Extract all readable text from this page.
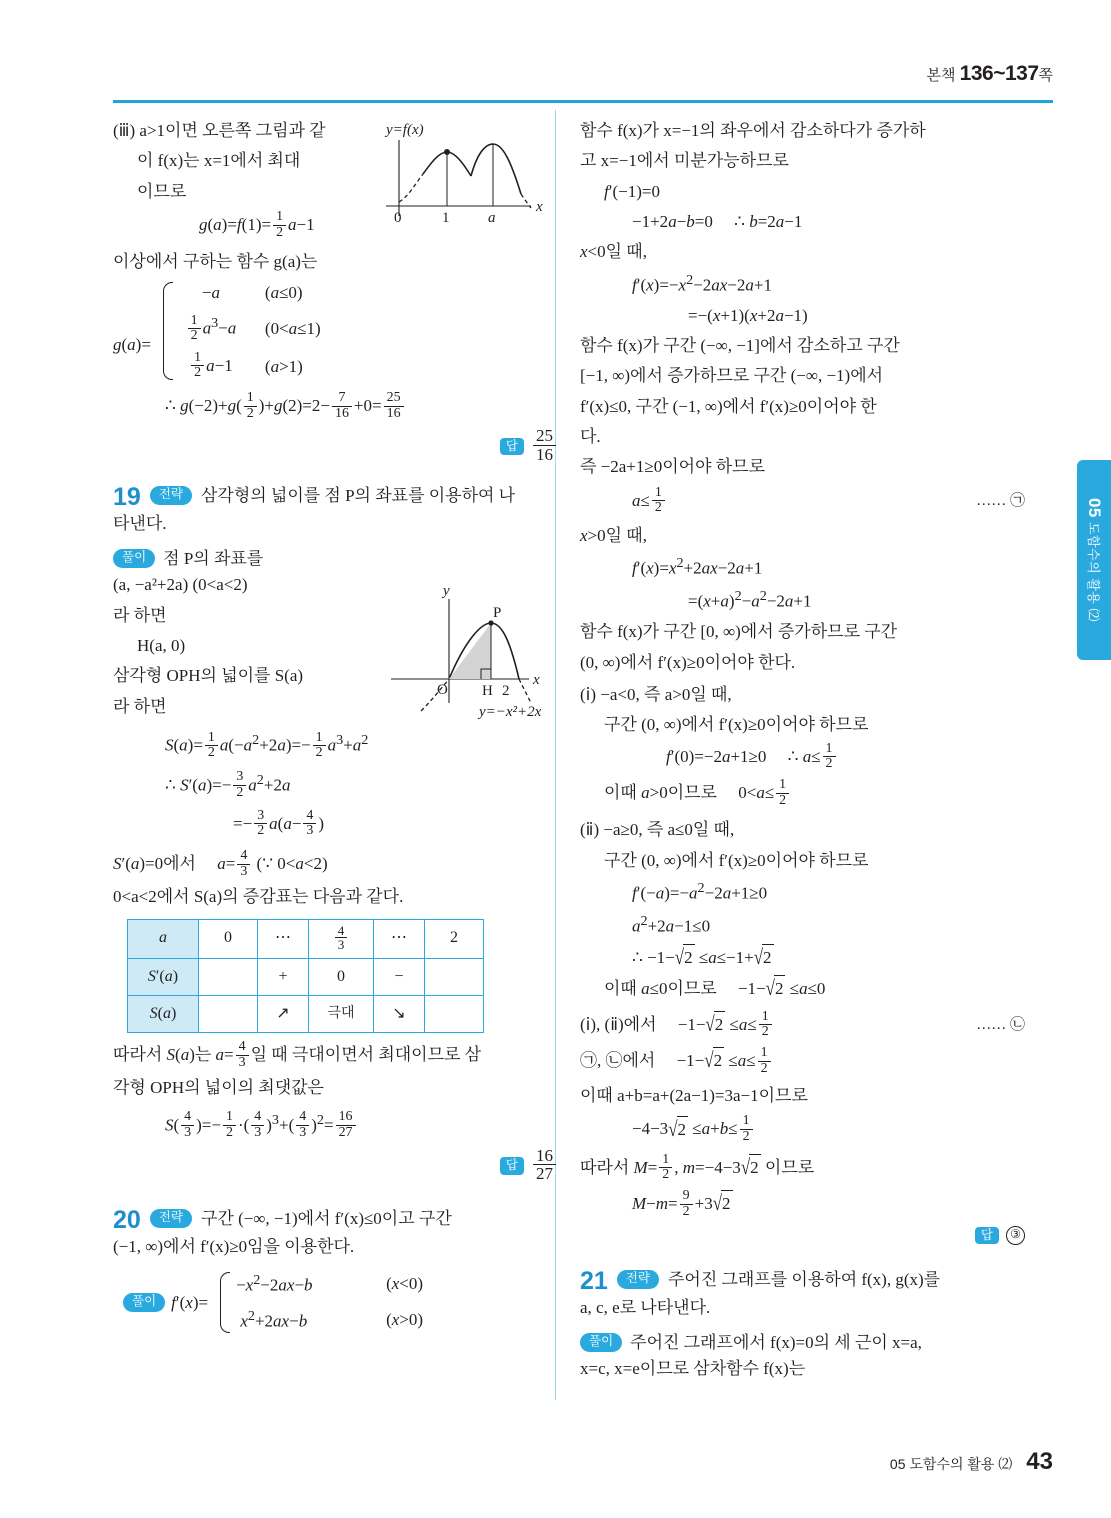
본책 136~137쪽
05 도함수의 활용 ⑵
(ⅲ) a>1이면 오른쪽 그림과 같
이 f(x)는 x=1에서 최대
이므로
$g(a)=f(1)= \frac{1}{2} a-1$
이상에서 구하는 함수 g(a)는
g(a)=
−a	(a≤0)
$\frac{1}{2} a^3-a$	(0<a≤1)
$\frac{1}{2} a-1$	(a>1)
∴ $g(-2)+g( \frac{1}{2} )+g(2)=2- \frac{7}{16} +0= \frac{25}{16}$
답 $\frac{25}{16}$
y=f(x)
0	1	a
x
19	전략	삼각형의 넓이를 점 P의 좌표를 이용하여 나
타낸다.
풀이	점 P의 좌표를
(a, −a²+2a) (0<a<2)
라 하면
H(a, 0)
삼각형 OPH의 넓이를 S(a)
라 하면
$S(a)= \frac{1}{2} a(-a^2+2a)=- \frac{1}{2} a^3+a^2$
∴ $S'(a)=- \frac{3}{2} a^2+2a$
=− $\frac{3}{2} a(a- \frac{4}{3}$ )
S′(a)=0에서     $a= \frac{4}{3}$ (∵ 0<a<2)
0<a<2에서 S(a)의 증감표는 다음과 같다.
a	0	⋯	$\frac{4}{3}$	⋯	2
S′(a)		+	0	−	
S(a)		↗	극대	↘	
따라서 S(a)는 $a= \frac{4}{3}$ 일 때 극대이면서 최대이므로 삼
각형 OPH의 넓이의 최댓값은
$S( \frac{4}{3}$ )=− $\frac{1}{2}$ ·( $\frac{4}{3} )^3+( \frac{4}{3} )^2= \frac{16}{27}$
답 $\frac{16}{27}$
y
P
O H 2
x
y=−x²+2x
20	전략	구간 (−∞, −1)에서 f′(x)≤0이고 구간
(−1, ∞)에서 f′(x)≥0임을 이용한다.
풀이 f′(x)=
$-x^2-2ax-b$	(x<0)
$x^2+2ax-b$	(x>0)
함수 f(x)가 x=−1의 좌우에서 감소하다가 증가하
고 x=−1에서 미분가능하므로
f′(−1)=0
−1+2a−b=0     ∴ b=2a−1
x<0일 때,
$f'(x)=-x^2-2ax-2a+1$
=−(x+1)(x+2a−1)
함수 f(x)가 구간 (−∞, −1]에서 감소하고 구간
[−1, ∞)에서 증가하므로 구간 (−∞, −1)에서
f′(x)≤0, 구간 (−1, ∞)에서 f′(x)≥0이어야 한
다.
즉 −2a+1≥0이어야 하므로
$a\le \frac{1}{2}$	…… ㉠
x>0일 때,
$f'(x)=x^2+2ax-2a+1$
$=(x+a)^2-a^2-2a+1$
함수 f(x)가 구간 [0, ∞)에서 증가하므로 구간
(0, ∞)에서 f′(x)≥0이어야 한다.
(ⅰ) −a<0, 즉 a>0일 때,
구간 (0, ∞)에서 f′(x)≥0이어야 하므로
f′(0)=−2a+1≥0     ∴ $a\le \frac{1}{2}$
이때 a>0이므로     $0<a\le \frac{1}{2}$
(ⅱ) −a≥0, 즉 a≤0일 때,
구간 (0, ∞)에서 f′(x)≥0이어야 하므로
$f'(-a)=-a^2-2a+1\ge 0$
$a^2+2a-1\le 0$
∴ −1−√2 ≤a≤−1+√2
이때 a≤0이므로     −1−√2 ≤a≤0
(ⅰ), (ⅱ)에서     $-1-√2 \le a\le \frac{1}{2}$	…… ㉡
㉠, ㉡에서     $-1-√2 \le a\le \frac{1}{2}$
이때 a+b=a+(2a−1)=3a−1이므로
$-4-3√2 \le a+b\le \frac{1}{2}$
따라서 $M= \frac{1}{2}$ , m=−4−3√2 이므로
$M-m= \frac{9}{2} +3√2$
답	③
21	전략	주어진 그래프를 이용하여 f(x), g(x)를
a, c, e로 나타낸다.
풀이	주어진 그래프에서 f(x)=0의 세 근이 x=a,
x=c, x=e이므로 삼차함수 f(x)는
05 도함수의 활용 ⑵ 43
